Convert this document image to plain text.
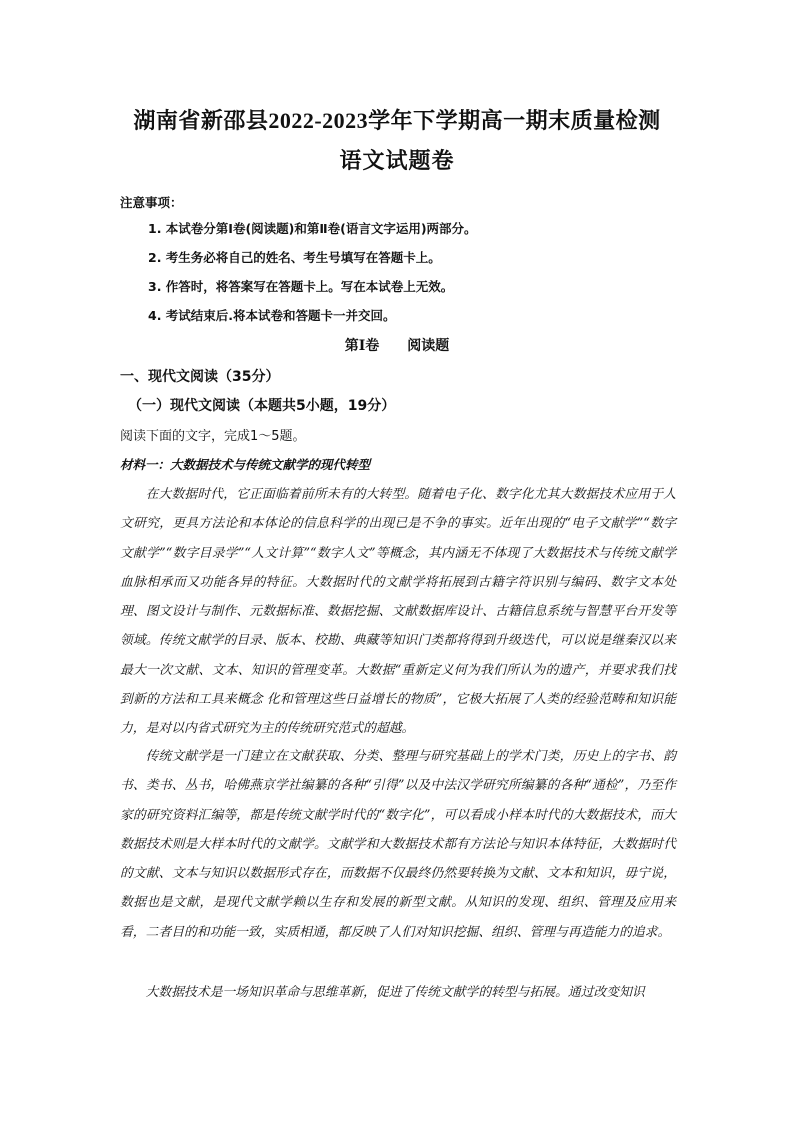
湖南省新邵县2022-2023学年下学期高一期末质量检测
语文试题卷
注意事项：
1. 本试卷分第Ⅰ卷(阅读题)和第Ⅱ卷(语言文字运用)两部分。
2. 考生务必将自己的姓名、考生号填写在答题卡上。
3. 作答时，将答案写在答题卡上。写在本试卷上无效。
4. 考试结束后.将本试卷和答题卡一并交回。
第Ⅰ卷 阅读题
一、现代文阅读（35分）
（一）现代文阅读（本题共5小题，19分）
阅读下面的文字，完成1～5题。
材料一：大数据技术与传统文献学的现代转型

在大数据时代，它正面临着前所未有的大转型。随着电子化、数字化尤其大数据技术应用于人文研究，更具方法论和本体论的信息科学的出现已是不争的事实。近年出现的“电子文献学”“数字文献学”“数字目录学”“人文计算”“数字人文”等概念，其内涵无不体现了大数据技术与传统文献学血脉相承而又功能各异的特征。大数据时代的文献学将拓展到古籍字符识别与编码、数字文本处理、图文设计与制作、元数据标准、数据挖掘、文献数据库设计、古籍信息系统与智慧平台开发等领域。传统文献学的目录、版本、校勘、典藏等知识门类都将得到升级迭代，可以说是继秦汉以来最大一次文献、文本、知识的管理变革。大数据“重新定义何为我们所认为的遗产，并要求我们找到新的方法和工具来概念 化和管理这些日益增长的物质”，它极大拓展了人类的经验范畴和知识能力，是对以内省式研究为主的传统研究范式的超越。

传统文献学是一门建立在文献获取、分类、整理与研究基础上的学术门类，历史上的字书、韵书、类书、丛书，哈佛燕京学社编纂的各种“引得”以及中法汉学研究所编纂的各种“通检”，乃至作家的研究资料汇编等，都是传统文献学时代的“数字化”，可以看成小样本时代的大数据技术，而大数据技术则是大样本时代的文献学。文献学和大数据技术都有方法论与知识本体特征，大数据时代的文献、文本与知识以数据形式存在，而数据不仅最终仍然要转换为文献、文本和知识，毋宁说，数据也是文献，是现代文献学赖以生存和发展的新型文献。从知识的发现、组织、管理及应用来看，二者目的和功能一致，实质相通，都反映了人们对知识挖掘、组织、管理与再造能力的追求。

大数据技术是一场知识革命与思维革新，促进了传统文献学的转型与拓展。通过改变知识
